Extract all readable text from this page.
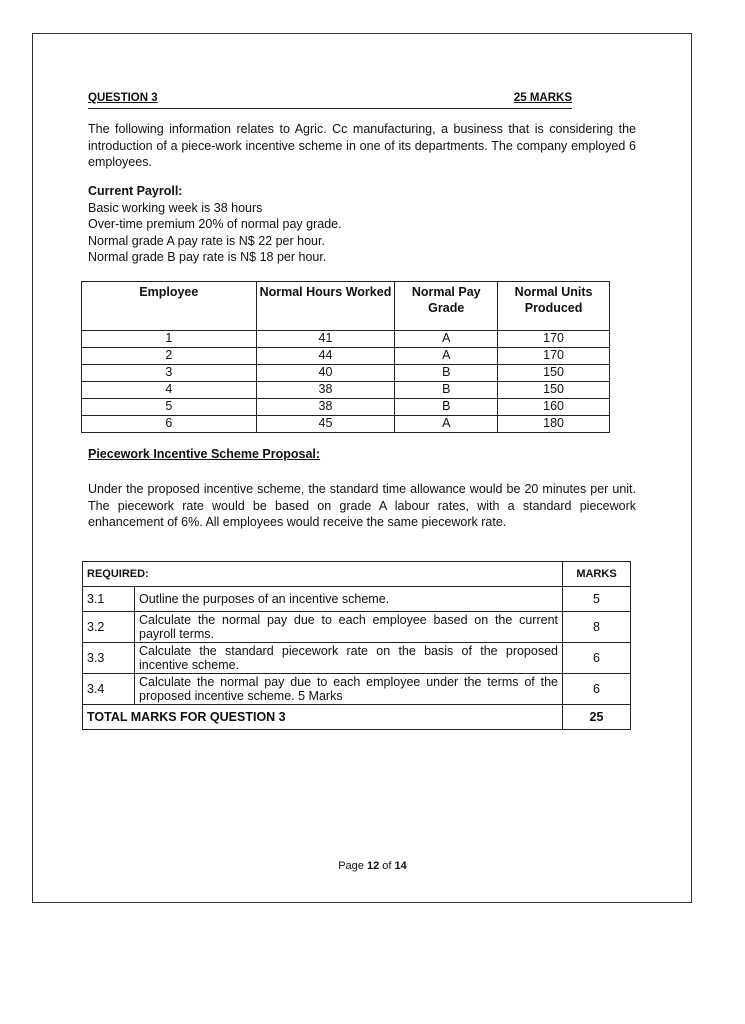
QUESTION 3	25 MARKS

The following information relates to Agric. Cc manufacturing, a business that is considering the introduction of a piece-work incentive scheme in one of its departments. The company employed 6 employees.

Current Payroll:
Basic working week is 38 hours
Over-time premium 20% of normal pay grade.
Normal grade A pay rate is N$ 22 per hour.
Normal grade B pay rate is N$ 18 per hour.
Employee	Normal Hours Worked	Normal Pay Grade	Normal Units Produced
1	41	A	170
2	44	A	170
3	40	B	150
4	38	B	150
5	38	B	160
6	45	A	180
Piecework Incentive Scheme Proposal:

Under the proposed incentive scheme, the standard time allowance would be 20 minutes per unit. The piecework rate would be based on grade A labour rates, with a standard piecework enhancement of 6%. All employees would receive the same piecework rate.

REQUIRED:		MARKS
3.1	Outline the purposes of an incentive scheme.	5
3.2	Calculate the normal pay due to each employee based on the current payroll terms.	8
3.3	Calculate the standard piecework rate on the basis of the proposed incentive scheme.	6
3.4	Calculate the normal pay due to each employee under the terms of the proposed incentive scheme. 5 Marks	6
TOTAL MARKS FOR QUESTION 3		25
Page 12 of 14
